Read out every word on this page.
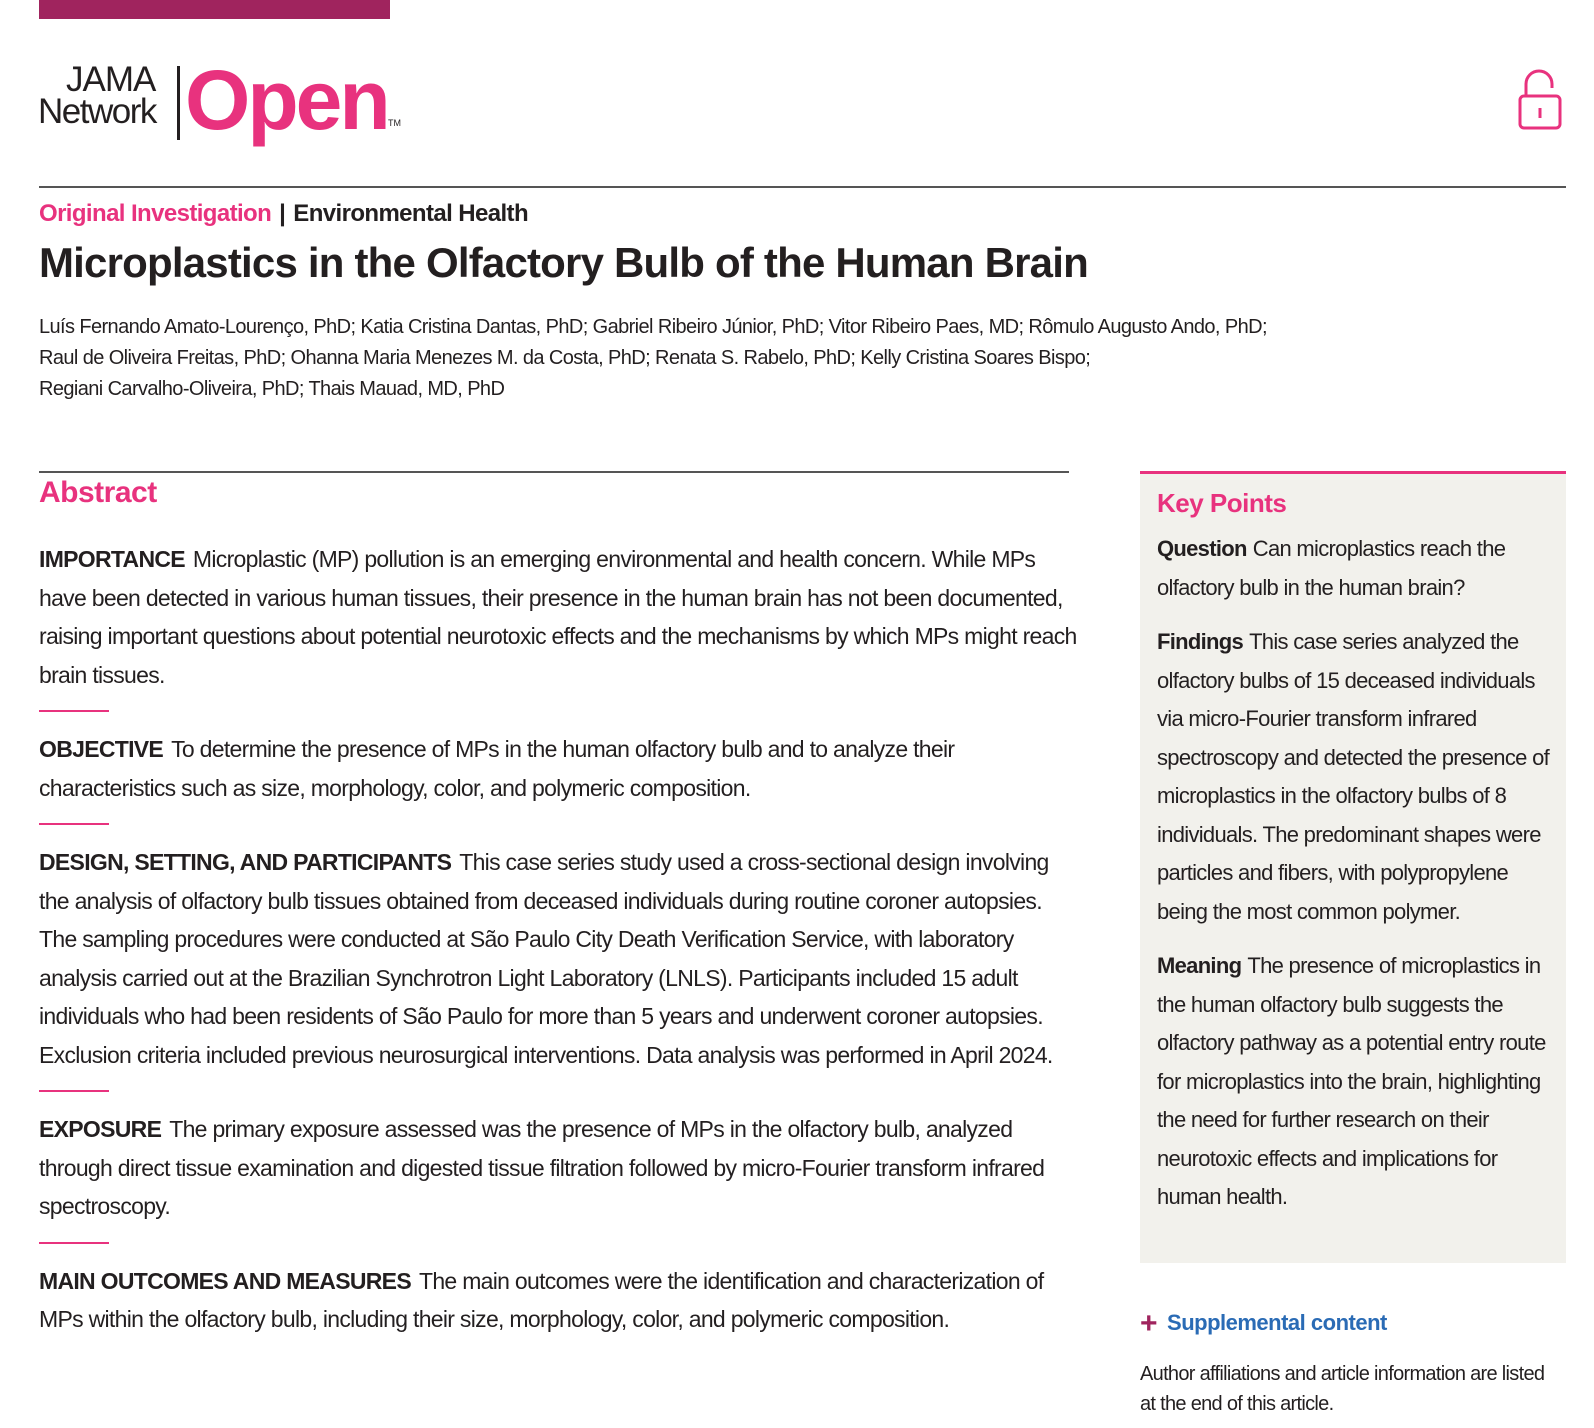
JAMA
Network Open TM
Original Investigation | Environmental Health
Microplastics in the Olfactory Bulb of the Human Brain
Luís Fernando Amato-Lourenço, PhD; Katia Cristina Dantas, PhD; Gabriel Ribeiro Júnior, PhD; Vitor Ribeiro Paes, MD; Rômulo Augusto Ando, PhD;
Raul de Oliveira Freitas, PhD; Ohanna Maria Menezes M. da Costa, PhD; Renata S. Rabelo, PhD; Kelly Cristina Soares Bispo;
Regiani Carvalho-Oliveira, PhD; Thais Mauad, MD, PhD
Abstract

IMPORTANCE Microplastic (MP) pollution is an emerging environmental and health concern. While MPs have been detected in various human tissues, their presence in the human brain has not been documented, raising important questions about potential neurotoxic effects and the mechanisms by which MPs might reach brain tissues.

OBJECTIVE To determine the presence of MPs in the human olfactory bulb and to analyze their characteristics such as size, morphology, color, and polymeric composition.

DESIGN, SETTING, AND PARTICIPANTS This case series study used a cross-sectional design involving the analysis of olfactory bulb tissues obtained from deceased individuals during routine coroner autopsies. The sampling procedures were conducted at São Paulo City Death Verification Service, with laboratory analysis carried out at the Brazilian Synchrotron Light Laboratory (LNLS). Participants included 15 adult individuals who had been residents of São Paulo for more than 5 years and underwent coroner autopsies. Exclusion criteria included previous neurosurgical interventions. Data analysis was performed in April 2024.

EXPOSURE The primary exposure assessed was the presence of MPs in the olfactory bulb, analyzed through direct tissue examination and digested tissue filtration followed by micro-Fourier transform infrared spectroscopy.

MAIN OUTCOMES AND MEASURES The main outcomes were the identification and characterization of MPs within the olfactory bulb, including their size, morphology, color, and polymeric composition.

Key Points

Question Can microplastics reach the olfactory bulb in the human brain?

Findings This case series analyzed the olfactory bulbs of 15 deceased individuals via micro-Fourier transform infrared spectroscopy and detected the presence of microplastics in the olfactory bulbs of 8 individuals. The predominant shapes were particles and fibers, with polypropylene being the most common polymer.

Meaning The presence of microplastics in the human olfactory bulb suggests the olfactory pathway as a potential entry route for microplastics into the brain, highlighting the need for further research on their neurotoxic effects and implications for human health.

+ Supplemental content
Author affiliations and article information are listed at the end of this article.
